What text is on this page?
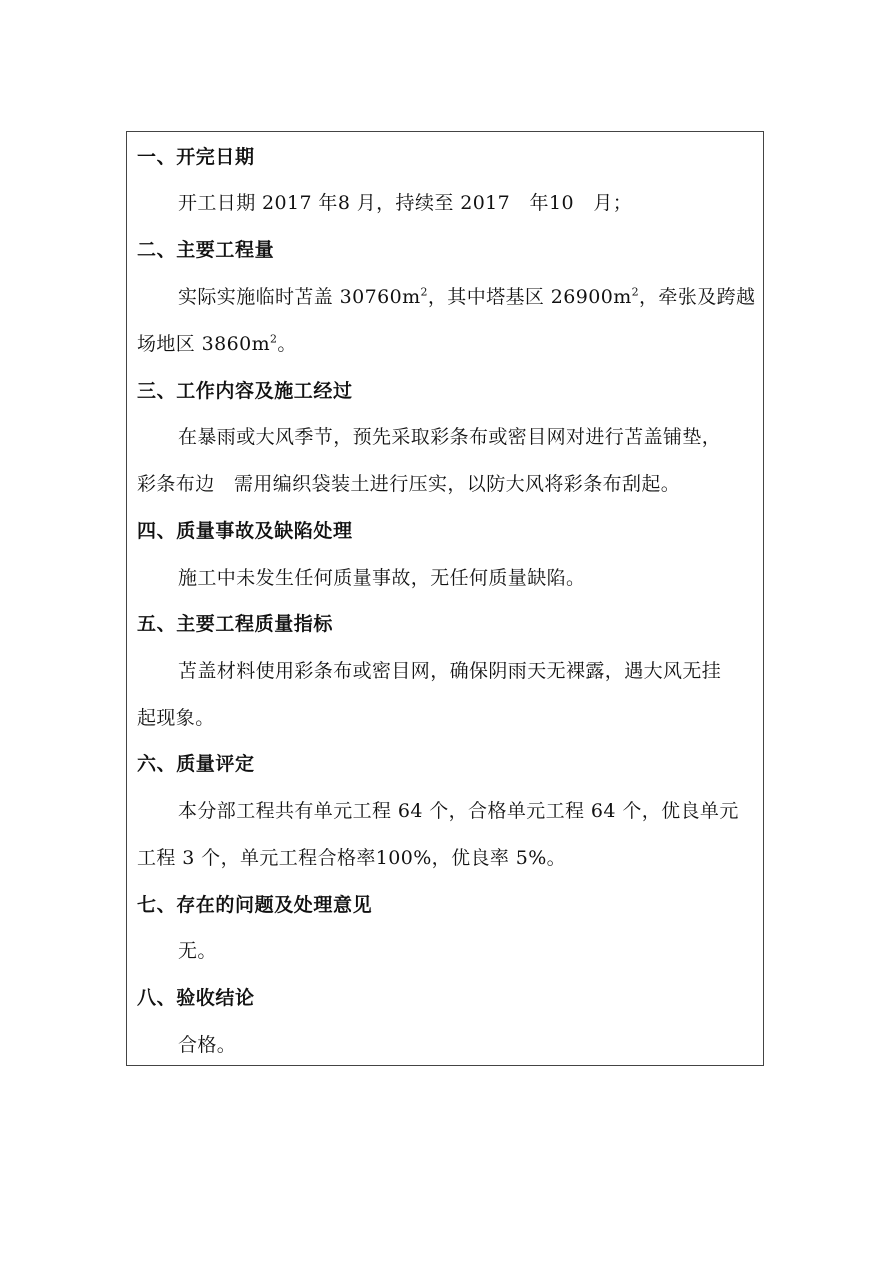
一、开完日期
开工日期 2017 年8 月，持续至 2017　年10　月；
二、主要工程量
实际实施临时苫盖 $30760m^2$，其中塔基区 $26900m^2$，牵张及跨越
场地区 $3860m^2$。
三、工作内容及施工经过
在暴雨或大风季节，预先采取彩条布或密目网对进行苫盖铺垫，
彩条布边　需用编织袋装土进行压实，以防大风将彩条布刮起。
四、质量事故及缺陷处理
施工中未发生任何质量事故，无任何质量缺陷。
五、主要工程质量指标
苫盖材料使用彩条布或密目网，确保阴雨天无裸露，遇大风无挂
起现象。
六、质量评定
本分部工程共有单元工程 64 个，合格单元工程 64 个，优良单元
工程 3 个，单元工程合格率100%，优良率 5%。
七、存在的问题及处理意见
无。
八、验收结论
合格。
